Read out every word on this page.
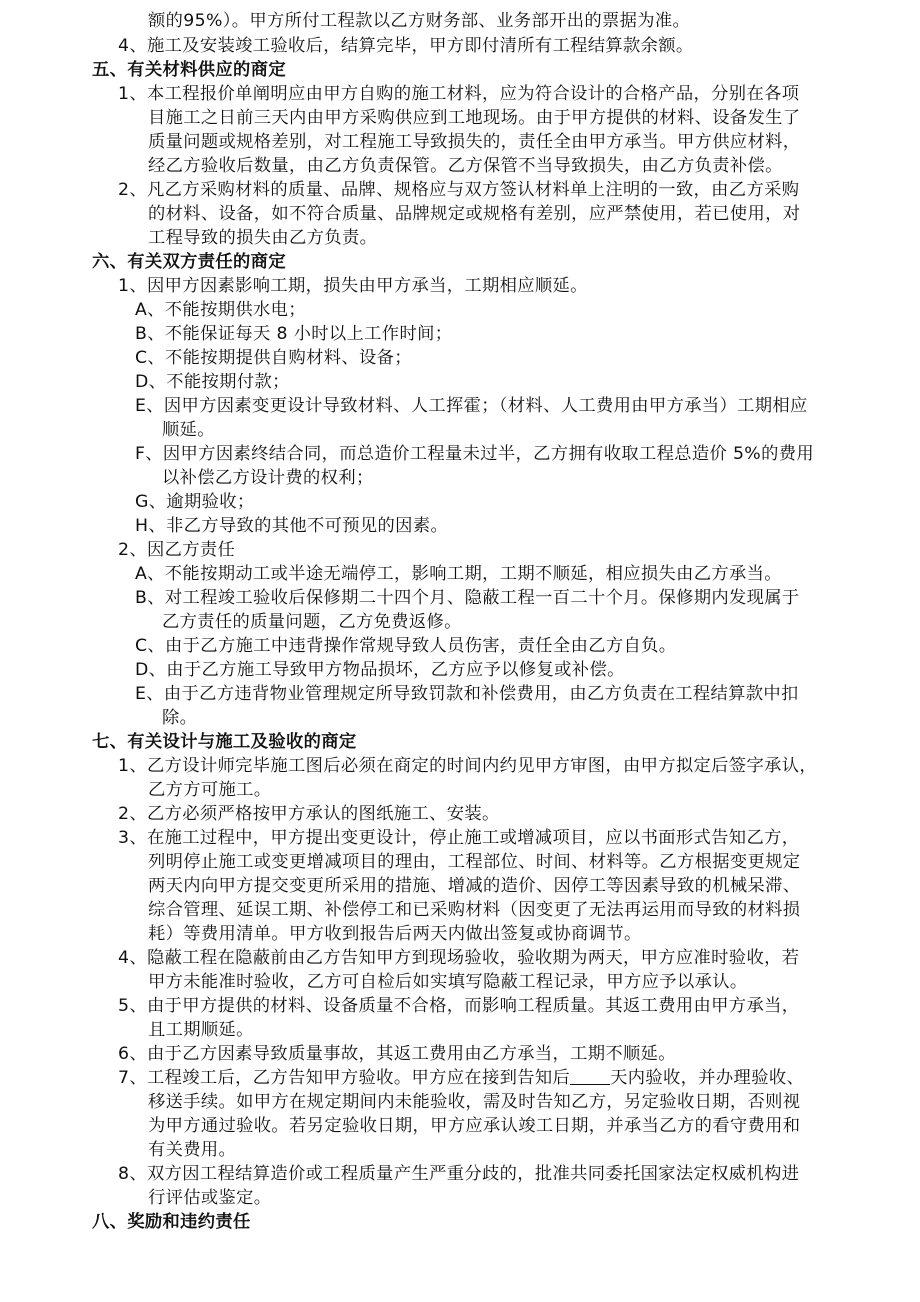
额的95%）。甲方所付工程款以乙方财务部、业务部开出的票据为准。
4、施工及安装竣工验收后，结算完毕，甲方即付清所有工程结算款余额。
五、有关材料供应的商定
1、本工程报价单阐明应由甲方自购的施工材料，应为符合设计的合格产品，分别在各项
目施工之日前三天内由甲方采购供应到工地现场。由于甲方提供的材料、设备发生了
质量问题或规格差别，对工程施工导致损失的，责任全由甲方承当。甲方供应材料，
经乙方验收后数量，由乙方负责保管。乙方保管不当导致损失，由乙方负责补偿。
2、凡乙方采购材料的质量、品牌、规格应与双方签认材料单上注明的一致，由乙方采购
的材料、设备，如不符合质量、品牌规定或规格有差别，应严禁使用，若已使用，对
工程导致的损失由乙方负责。
六、有关双方责任的商定
1、因甲方因素影响工期，损失由甲方承当，工期相应顺延。
A、不能按期供水电；
B、不能保证每天 8 小时以上工作时间；
C、不能按期提供自购材料、设备；
D、不能按期付款；
E、因甲方因素变更设计导致材料、人工挥霍；（材料、人工费用由甲方承当）工期相应
顺延。
F、因甲方因素终结合同，而总造价工程量未过半，乙方拥有收取工程总造价 5%的费用
以补偿乙方设计费的权利；
G、逾期验收；
H、非乙方导致的其他不可预见的因素。
2、因乙方责任
A、不能按期动工或半途无端停工，影响工期，工期不顺延，相应损失由乙方承当。
B、对工程竣工验收后保修期二十四个月、隐蔽工程一百二十个月。保修期内发现属于
乙方责任的质量问题，乙方免费返修。
C、由于乙方施工中违背操作常规导致人员伤害，责任全由乙方自负。
D、由于乙方施工导致甲方物品损坏，乙方应予以修复或补偿。
E、由于乙方违背物业管理规定所导致罚款和补偿费用，由乙方负责在工程结算款中扣
除。
七、有关设计与施工及验收的商定
1、乙方设计师完毕施工图后必须在商定的时间内约见甲方审图，由甲方拟定后签字承认，
乙方方可施工。
2、乙方必须严格按甲方承认的图纸施工、安装。
3、在施工过程中，甲方提出变更设计，停止施工或增减项目，应以书面形式告知乙方，
列明停止施工或变更增减项目的理由，工程部位、时间、材料等。乙方根据变更规定
两天内向甲方提交变更所采用的措施、增减的造价、因停工等因素导致的机械呆滞、
综合管理、延误工期、补偿停工和已采购材料（因变更了无法再运用而导致的材料损
耗）等费用清单。甲方收到报告后两天内做出签复或协商调节。
4、隐蔽工程在隐蔽前由乙方告知甲方到现场验收，验收期为两天，甲方应准时验收，若
甲方未能准时验收，乙方可自检后如实填写隐蔽工程记录，甲方应予以承认。
5、由于甲方提供的材料、设备质量不合格，而影响工程质量。其返工费用由甲方承当，
且工期顺延。
6、由于乙方因素导致质量事故，其返工费用由乙方承当，工期不顺延。
7、工程竣工后，乙方告知甲方验收。甲方应在接到告知后 天内验收，并办理验收、
移送手续。如甲方在规定期间内未能验收，需及时告知乙方，另定验收日期，否则视
为甲方通过验收。若另定验收日期，甲方应承认竣工日期，并承当乙方的看守费用和
有关费用。
8、双方因工程结算造价或工程质量产生严重分歧的，批准共同委托国家法定权威机构进
行评估或鉴定。
八、奖励和违约责任
